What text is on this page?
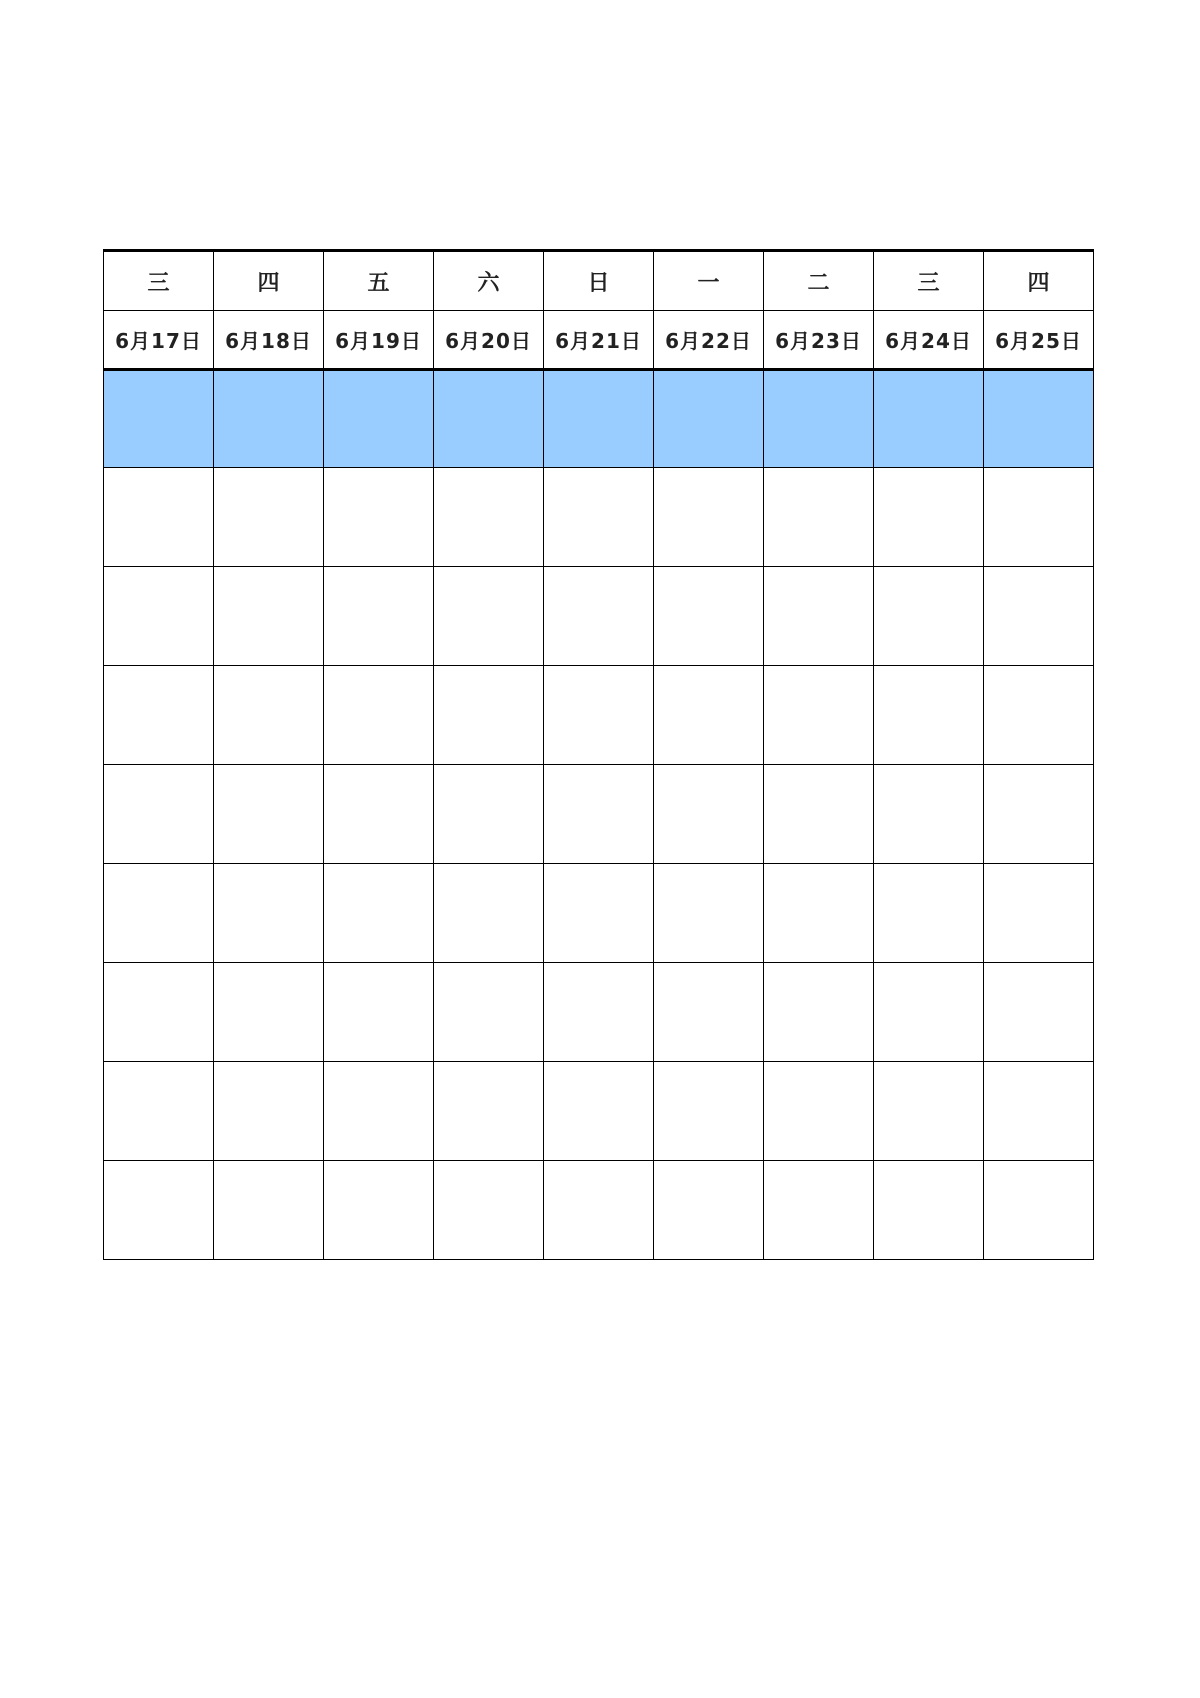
三	四	五	六	日	一	二	三	四
6月17日	6月18日	6月19日	6月20日	6月21日	6月22日	6月23日	6月24日	6月25日
